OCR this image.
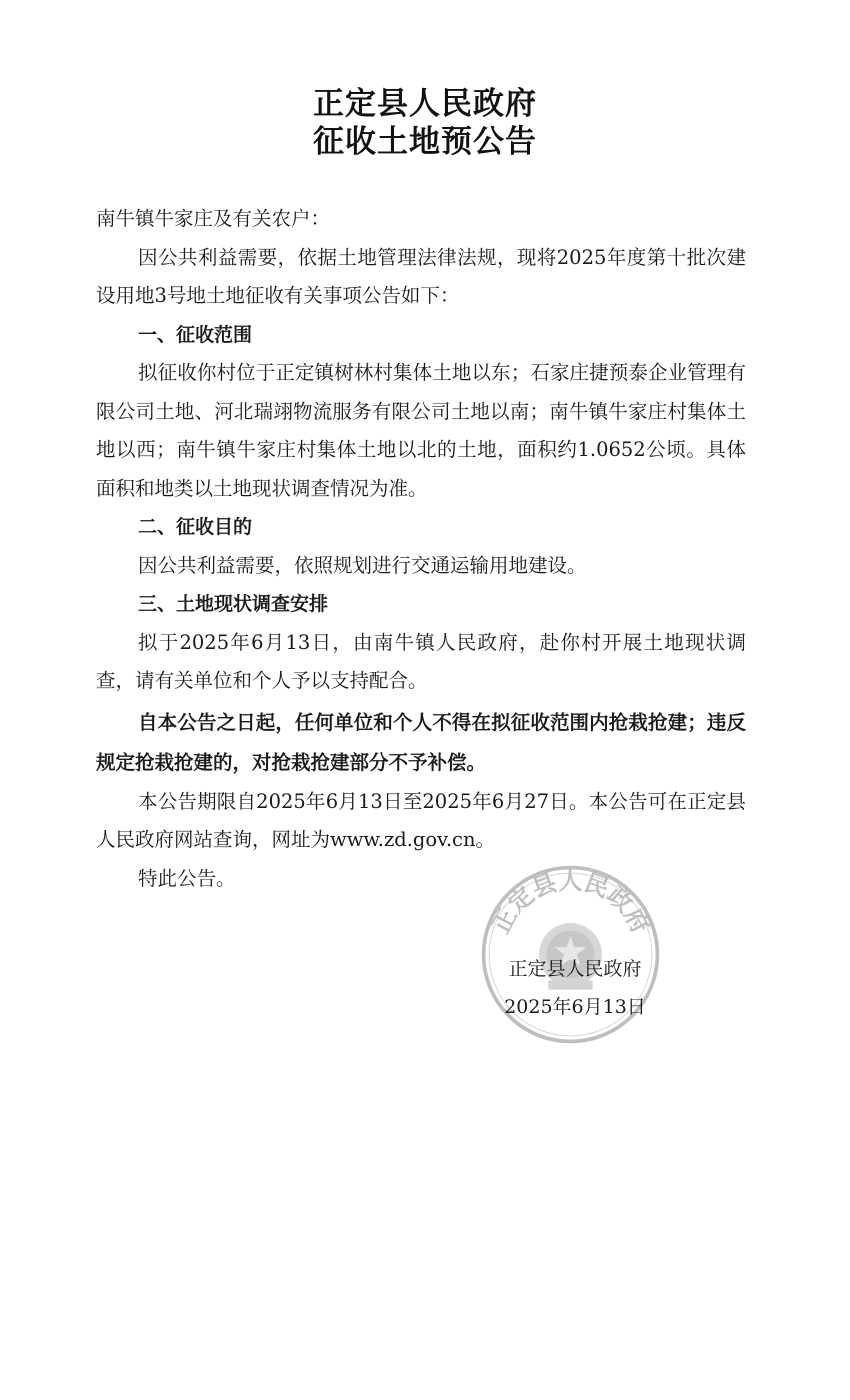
正定县人民政府
征收土地预公告

南牛镇牛家庄及有关农户：

因公共利益需要，依据土地管理法律法规，现将2025年度第十批次建设用地3号地土地征收有关事项公告如下：

一、征收范围

拟征收你村位于正定镇树林村集体土地以东；石家庄捷预泰企业管理有限公司土地、河北瑞翊物流服务有限公司土地以南；南牛镇牛家庄村集体土地以西；南牛镇牛家庄村集体土地以北的土地，面积约1.0652公顷。具体面积和地类以土地现状调查情况为准。

二、征收目的

因公共利益需要，依照规划进行交通运输用地建设。

三、土地现状调查安排

拟于2025年6月13日，由南牛镇人民政府，赴你村开展土地现状调查，请有关单位和个人予以支持配合。

自本公告之日起，任何单位和个人不得在拟征收范围内抢栽抢建；违反规定抢栽抢建的，对抢栽抢建部分不予补偿。

本公告期限自2025年6月13日至2025年6月27日。本公告可在正定县人民政府网站查询，网址为www.zd.gov.cn。

特此公告。

正定县人民政府
正定县人民政府
2025年6月13日
